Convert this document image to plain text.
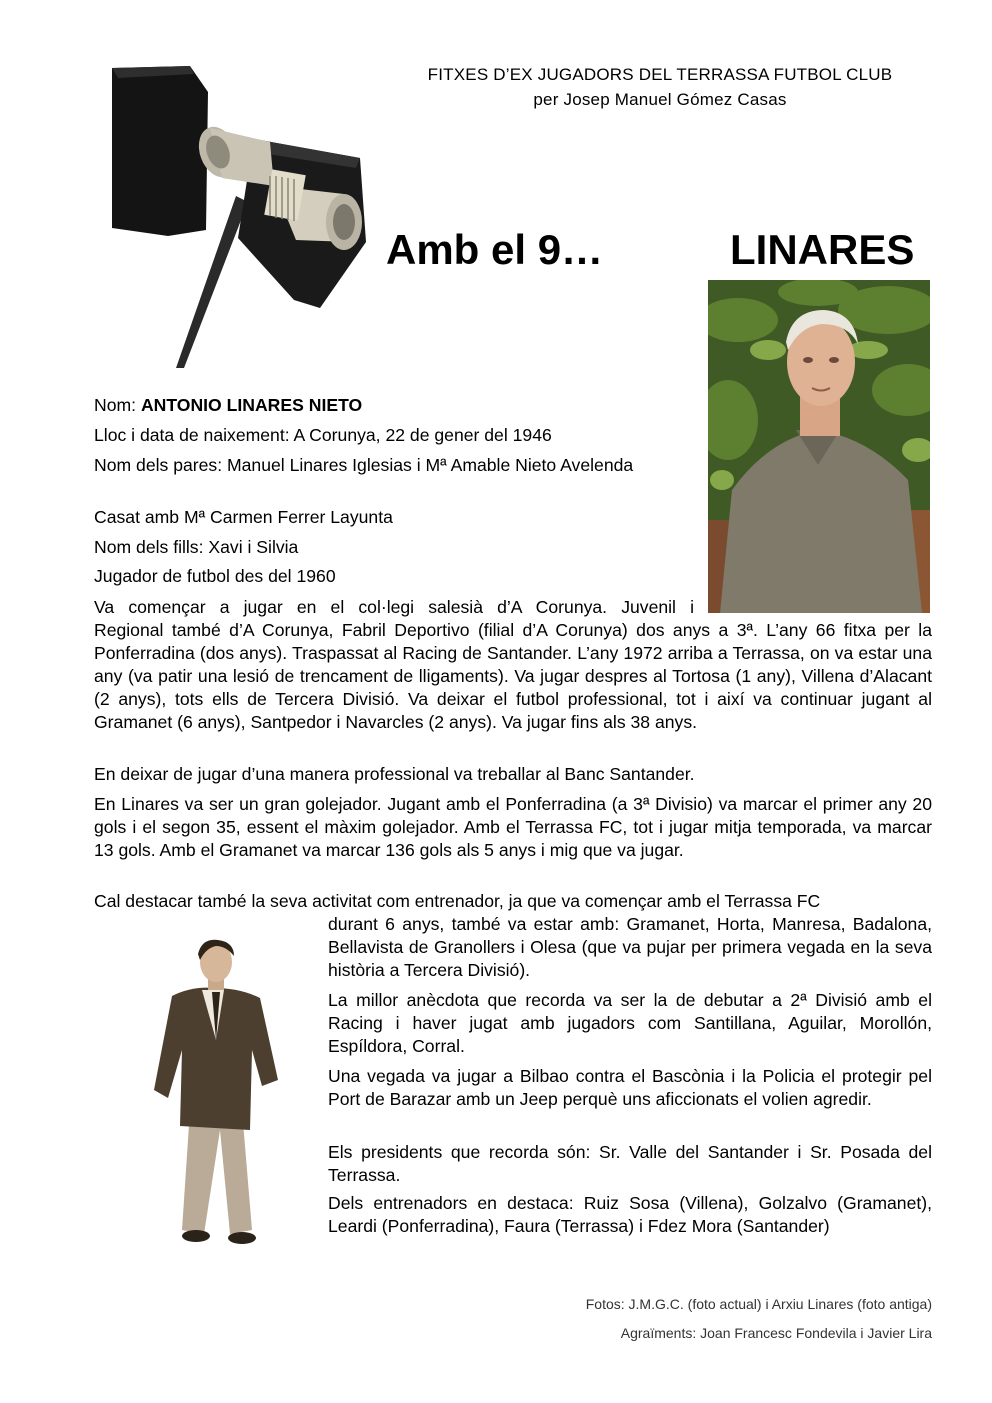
FITXES D’EX JUGADORS DEL TERRASSA FUTBOL CLUB
per Josep Manuel Gómez Casas
Amb el 9…	LINARES
Nom: ANTONIO LINARES NIETO
Lloc i data de naixement: A Corunya, 22 de gener del 1946
Nom dels pares: Manuel Linares Iglesias i Mª Amable Nieto Avelenda
Casat amb Mª Carmen Ferrer Layunta
Nom dels fills: Xavi i Silvia
Jugador de futbol des del 1960
Va començar a jugar en el col·legi salesià d’A Corunya. Juvenil i
Regional també d’A Corunya, Fabril Deportivo (filial d’A Corunya) dos anys a 3ª. L’any 66 fitxa per la Ponferradina (dos anys). Traspassat al Racing de Santander. L’any 1972 arriba a Terrassa, on va estar una any (va patir una lesió de trencament de lligaments). Va jugar despres al Tortosa (1 any), Villena d’Alacant (2 anys), tots ells de Tercera Divisió. Va deixar el futbol professional, tot i així va continuar jugant al Gramanet (6 anys), Santpedor i Navarcles (2 anys). Va jugar fins als 38 anys.
En deixar de jugar d’una manera professional va treballar al Banc Santander.
En Linares va ser un gran golejador. Jugant amb el Ponferradina (a 3ª Divisio) va marcar el primer any 20 gols i el segon 35, essent el màxim golejador. Amb el Terrassa FC, tot i jugar mitja temporada, va marcar 13 gols. Amb el Gramanet va marcar 136 gols als 5 anys i mig que va jugar.
Cal destacar també la seva activitat com entrenador, ja que va començar amb el Terrassa FC
durant 6 anys, també va estar amb: Gramanet, Horta, Manresa, Badalona, Bellavista de Granollers i Olesa (que va pujar per primera vegada en la seva història a Tercera Divisió).
La millor anècdota que recorda va ser la de debutar a 2ª Divisió amb el Racing i haver jugat amb jugadors com Santillana, Aguilar, Morollón, Espíldora, Corral.
Una vegada va jugar a Bilbao contra el Bascònia i la Policia el protegir pel Port de Barazar amb un Jeep perquè uns aficcionats el volien agredir.
Els presidents que recorda són: Sr. Valle del Santander i Sr. Posada del Terrassa.
Dels entrenadors en destaca: Ruiz Sosa (Villena), Golzalvo (Gramanet), Leardi (Ponferradina), Faura (Terrassa) i Fdez Mora (Santander)
Fotos: J.M.G.C. (foto actual) i Arxiu Linares (foto antiga)
Agraïments: Joan Francesc Fondevila i Javier Lira
